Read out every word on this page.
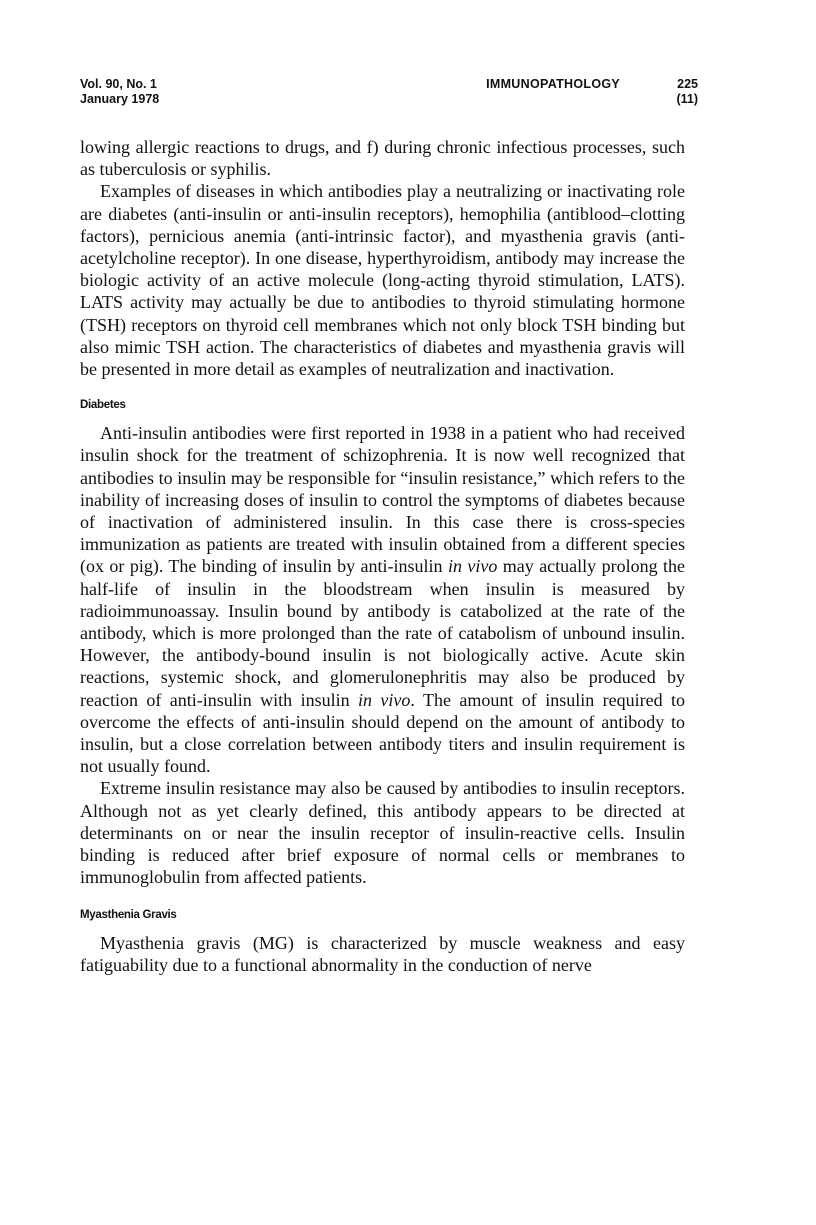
Vol. 90, No. 1
January 1978
IMMUNOPATHOLOGY	225
(11)

lowing allergic reactions to drugs, and f) during chronic infectious processes, such as tuberculosis or syphilis.

Examples of diseases in which antibodies play a neutralizing or inactivating role are diabetes (anti-insulin or anti-insulin receptors), hemophilia (antiblood–clotting factors), pernicious anemia (anti-intrinsic factor), and myasthenia gravis (anti-acetylcholine receptor). In one disease, hyperthyroidism, antibody may increase the biologic activity of an active molecule (long-acting thyroid stimulation, LATS). LATS activity may actually be due to antibodies to thyroid stimulating hormone (TSH) receptors on thyroid cell membranes which not only block TSH binding but also mimic TSH action. The characteristics of diabetes and myasthenia gravis will be presented in more detail as examples of neutralization and inactivation.

Diabetes

Anti-insulin antibodies were first reported in 1938 in a patient who had received insulin shock for the treatment of schizophrenia. It is now well recognized that antibodies to insulin may be responsible for “insulin resistance,” which refers to the inability of increasing doses of insulin to control the symptoms of diabetes because of inactivation of administered insulin. In this case there is cross-species immunization as patients are treated with insulin obtained from a different species (ox or pig). The binding of insulin by anti-insulin in vivo may actually prolong the half-life of insulin in the bloodstream when insulin is measured by radioimmunoassay. Insulin bound by antibody is catabolized at the rate of the antibody, which is more prolonged than the rate of catabolism of unbound insulin. However, the antibody-bound insulin is not biologically active. Acute skin reactions, systemic shock, and glomerulonephritis may also be produced by reaction of anti-insulin with insulin in vivo. The amount of insulin required to overcome the effects of anti-insulin should depend on the amount of antibody to insulin, but a close correlation between antibody titers and insulin requirement is not usually found.

Extreme insulin resistance may also be caused by antibodies to insulin receptors. Although not as yet clearly defined, this antibody appears to be directed at determinants on or near the insulin receptor of insulin-reactive cells. Insulin binding is reduced after brief exposure of normal cells or membranes to immunoglobulin from affected patients.

Myasthenia Gravis

Myasthenia gravis (MG) is characterized by muscle weakness and easy fatiguability due to a functional abnormality in the conduction of nerve
